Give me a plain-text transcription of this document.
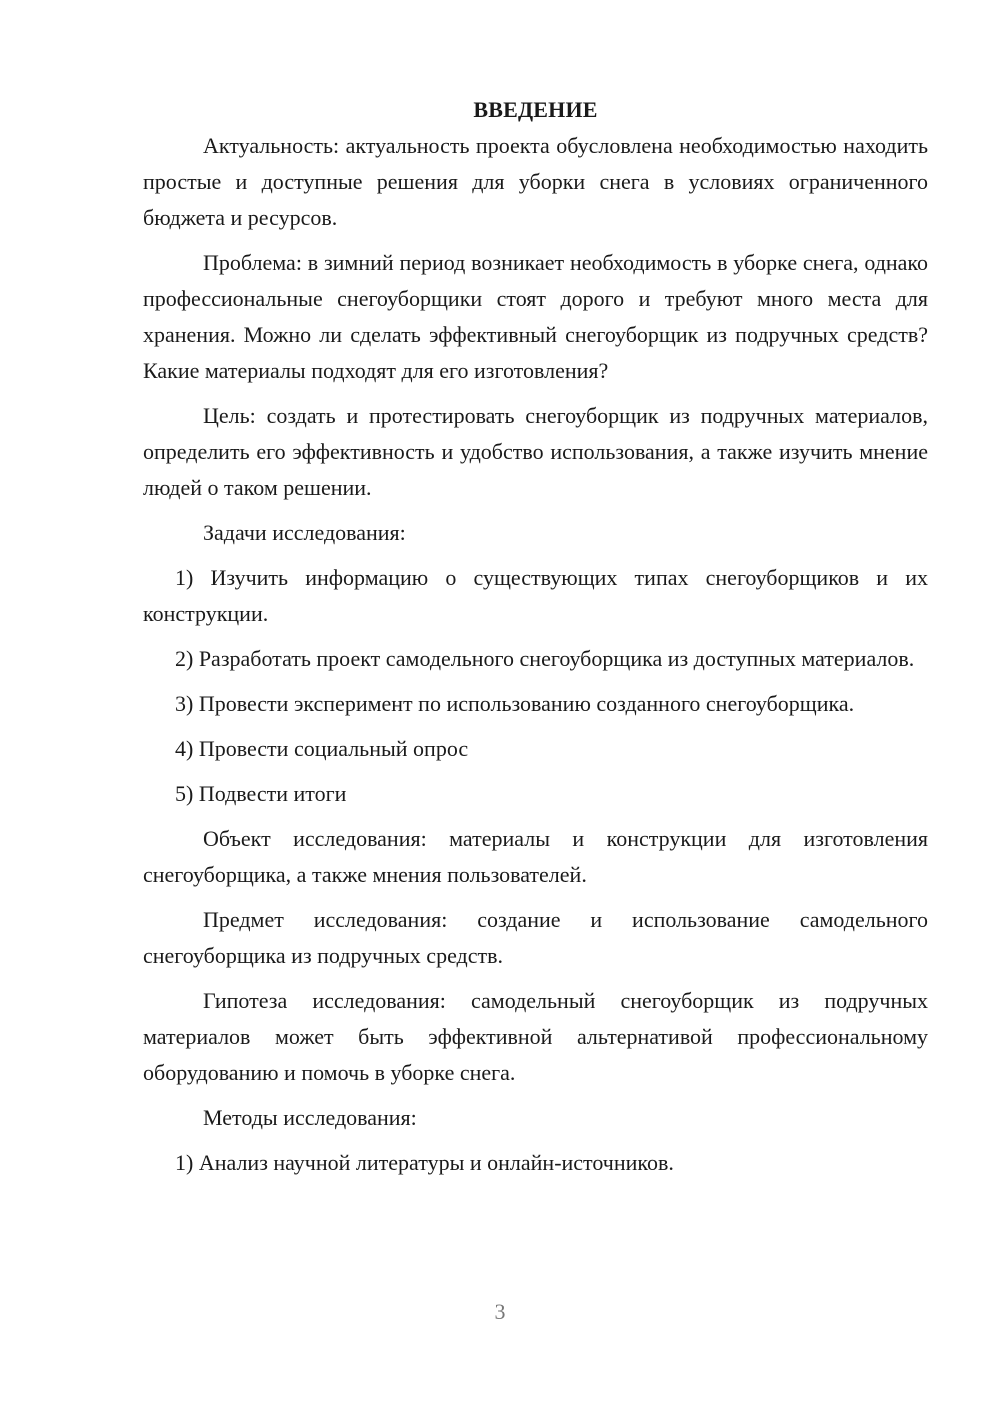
ВВЕДЕНИЕ

Актуальность: актуальность проекта обусловлена необходимостью находить простые и доступные решения для уборки снега в условиях ограниченного бюджета и ресурсов.

Проблема: в зимний период возникает необходимость в уборке снега, однако профессиональные снегоуборщики стоят дорого и требуют много места для хранения. Можно ли сделать эффективный снегоуборщик из подручных средств? Какие материалы подходят для его изготовления?

Цель: создать и протестировать снегоуборщик из подручных материалов, определить его эффективность и удобство использования, а также изучить мнение людей о таком решении.

Задачи исследования:

1) Изучить информацию о существующих типах снегоуборщиков и их конструкции.

2) Разработать проект самодельного снегоуборщика из доступных материалов.

3) Провести эксперимент по использованию созданного снегоуборщика.

4) Провести социальный опрос

5) Подвести итоги

Объект исследования: материалы и конструкции для изготовления снегоуборщика, а также мнения пользователей.

Предмет исследования: создание и использование самодельного снегоуборщика из подручных средств.

Гипотеза исследования: самодельный снегоуборщик из подручных материалов может быть эффективной альтернативой профессиональному оборудованию и помочь в уборке снега.

Методы исследования:

1) Анализ научной литературы и онлайн-источников.

3
